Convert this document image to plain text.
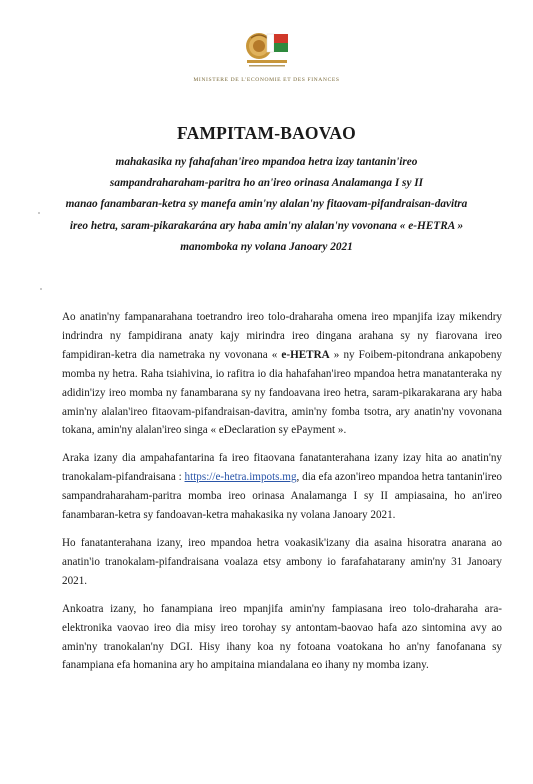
MINISTERE DE L'ECONOMIE ET DES FINANCES
FAMPITAM-BAOVAO
mahakasika ny fahafahan'ireo mpandoa hetra izay tantanin'ireo
sampandraharaham-paritra ho an'ireo orinasa Analamanga I sy II
manao fanambaran-ketra sy manefa amin'ny alalan'ny fitaovam-pifandraisan-davitra
ireo hetra, saram-pikarakarána ary haba amin'ny alalan'ny vovonana « e-HETRA »
manomboka ny volana Janoary 2021

Ao anatin'ny fampanarahana toetrandro ireo tolo-draharaha omena ireo mpanjifa izay mikendry indrindra ny fampidirana anaty kajy mirindra ireo dingana arahana sy ny fiarovana ireo fampidiran-ketra dia nametraka ny vovonana « e-HETRA » ny Foibem-pitondrana ankapobeny momba ny hetra. Raha tsiahivina, io rafitra io dia hahafahan'ireo mpandoa hetra manatanteraka ny adidin'izy ireo momba ny fanambarana sy ny fandoavana ireo hetra, saram-pikarakarana ary haba amin'ny alalan'ireo fitaovam-pifandraisan-davitra, amin'ny fomba tsotra, ary anatin'ny vovonana tokana, amin'ny alalan'ireo singa « eDeclaration sy ePayment ».

Araka izany dia ampahafantarina fa ireo fitaovana fanatanterahana izany izay hita ao anatin'ny tranokalam-pifandraisana : https://e-hetra.impots.mg, dia efa azon'ireo mpandoa hetra tantanin'ireo sampandraharaham-paritra momba ireo orinasa Analamanga I sy II ampiasaina, ho an'ireo fanambaran-ketra sy fandoavan-ketra mahakasika ny volana Janoary 2021.

Ho fanatanterahana izany, ireo mpandoa hetra voakasik'izany dia asaina hisoratra anarana ao anatin'io tranokalam-pifandraisana voalaza etsy ambony io farafahatarany amin'ny 31 Janoary 2021.

Ankoatra izany, ho fanampiana ireo mpanjifa amin'ny fampiasana ireo tolo-draharaha ara-elektronika vaovao ireo dia misy ireo torohay sy antontam-baovao hafa azo sintomina avy ao amin'ny tranokalan'ny DGI. Hisy ihany koa ny fotoana voatokana ho an'ny fanofanana sy fanampiana efa homanina ary ho ampitaina miandalana eo ihany ny momba izany.
